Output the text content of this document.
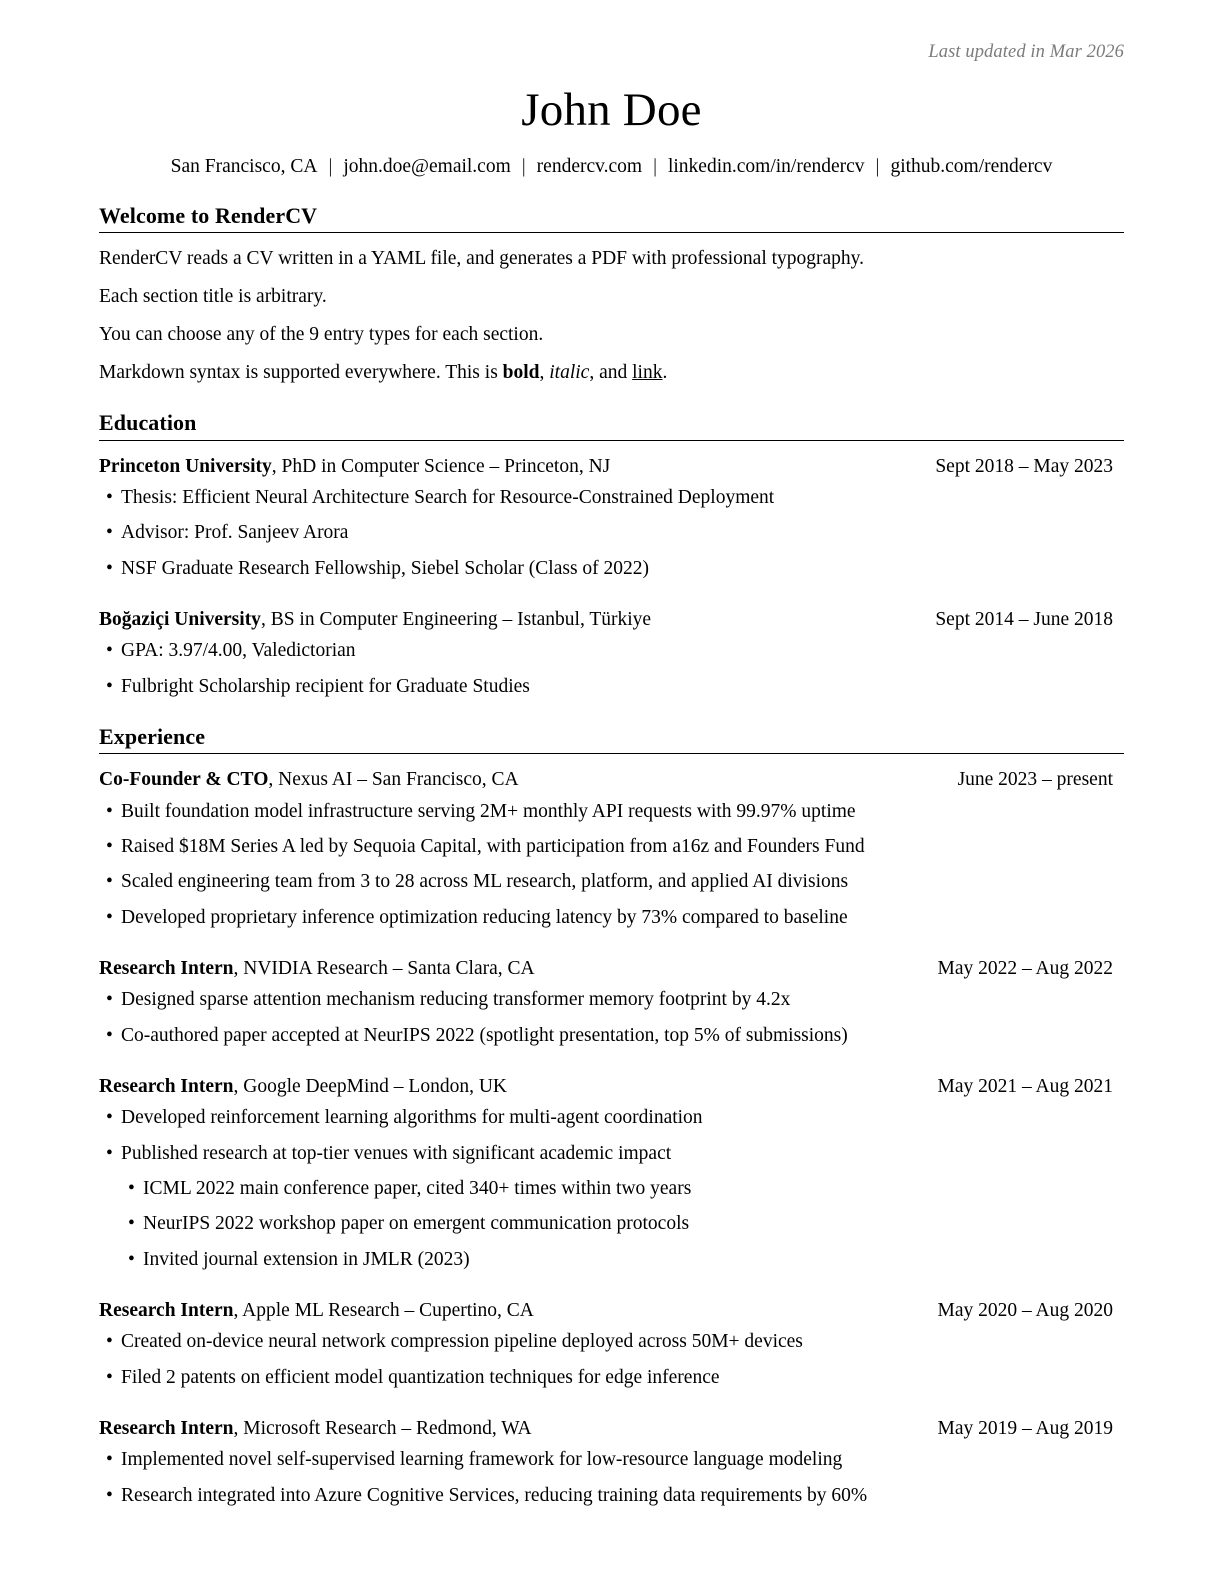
Last updated in Mar 2026
John Doe
San Francisco, CA | john.doe@email.com | rendercv.com | linkedin.com/in/rendercv | github.com/rendercv
Welcome to RenderCV

RenderCV reads a CV written in a YAML file, and generates a PDF with professional typography.

Each section title is arbitrary.

You can choose any of the 9 entry types for each section.

Markdown syntax is supported everywhere. This is bold, italic, and link.

Education
Princeton University, PhD in Computer Science – Princeton, NJ	Sept 2018 – May 2023
• Thesis: Efficient Neural Architecture Search for Resource-Constrained Deployment
• Advisor: Prof. Sanjeev Arora
• NSF Graduate Research Fellowship, Siebel Scholar (Class of 2022)
Boğaziçi University, BS in Computer Engineering – Istanbul, Türkiye	Sept 2014 – June 2018
• GPA: 3.97/4.00, Valedictorian
• Fulbright Scholarship recipient for Graduate Studies
Experience
Co-Founder & CTO, Nexus AI – San Francisco, CA	June 2023 – present
• Built foundation model infrastructure serving 2M+ monthly API requests with 99.97% uptime
• Raised $18M Series A led by Sequoia Capital, with participation from a16z and Founders Fund
• Scaled engineering team from 3 to 28 across ML research, platform, and applied AI divisions
• Developed proprietary inference optimization reducing latency by 73% compared to baseline
Research Intern, NVIDIA Research – Santa Clara, CA	May 2022 – Aug 2022
• Designed sparse attention mechanism reducing transformer memory footprint by 4.2x
• Co-authored paper accepted at NeurIPS 2022 (spotlight presentation, top 5% of submissions)
Research Intern, Google DeepMind – London, UK	May 2021 – Aug 2021
• Developed reinforcement learning algorithms for multi-agent coordination
• Published research at top-tier venues with significant academic impact
• ICML 2022 main conference paper, cited 340+ times within two years
• NeurIPS 2022 workshop paper on emergent communication protocols
• Invited journal extension in JMLR (2023)
Research Intern, Apple ML Research – Cupertino, CA	May 2020 – Aug 2020
• Created on-device neural network compression pipeline deployed across 50M+ devices
• Filed 2 patents on efficient model quantization techniques for edge inference
Research Intern, Microsoft Research – Redmond, WA	May 2019 – Aug 2019
• Implemented novel self-supervised learning framework for low-resource language modeling
• Research integrated into Azure Cognitive Services, reducing training data requirements by 60%
